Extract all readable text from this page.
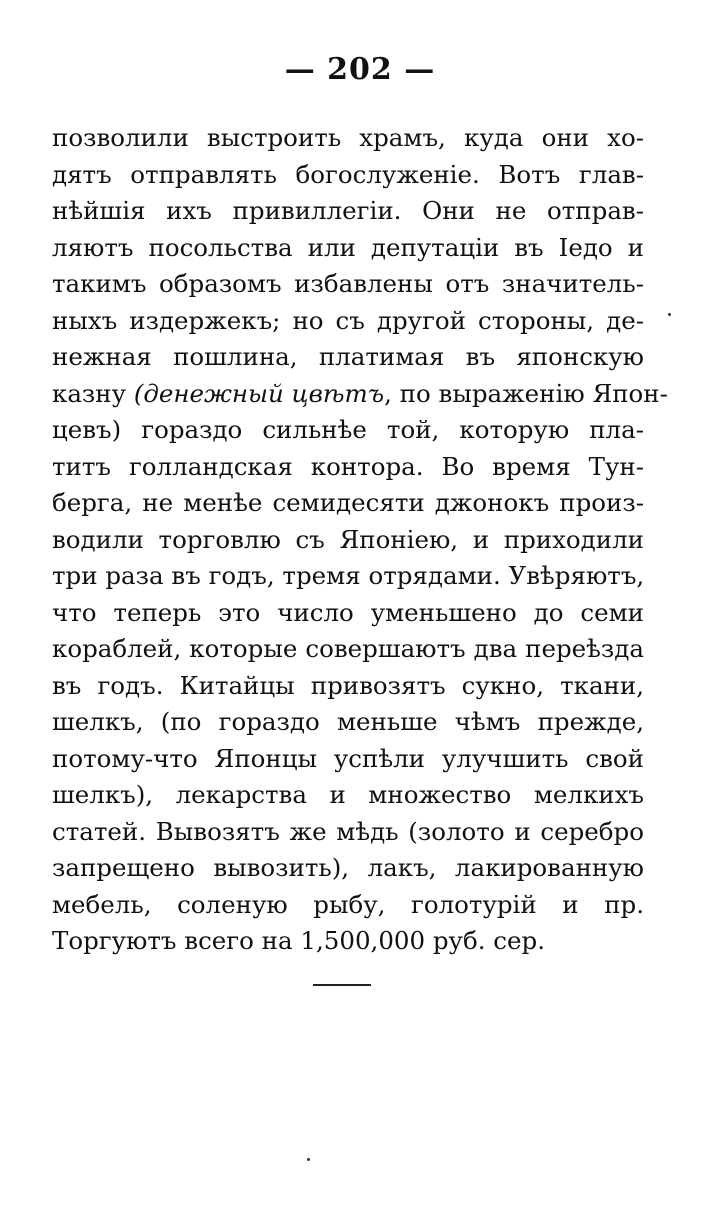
— 202 —
позволили выстроить храмъ, куда они хо-
дятъ отправлять богослуженiе. Вотъ глав-
нѣйшiя ихъ привиллегiи. Они не отправ-
ляютъ посольства или депутацiи въ Iедо и
такимъ образомъ избавлены отъ значитель-
ныхъ издержекъ; но съ другой стороны, де-
нежная пошлина, платимая въ японскую
казну (денежный цвѣтъ, по выраженiю Япон-
цевъ) гораздо сильнѣе той, которую пла-
титъ голландская контора. Во время Тун-
берга, не менѣе семидесяти джонокъ произ-
водили торговлю съ Японiею, и приходили
три раза въ годъ, тремя отрядами. Увѣряютъ,
что теперь это число уменьшено до семи
кораблей, которые совершаютъ два переѣзда
въ годъ. Китайцы привозятъ сукно, ткани,
шелкъ, (по гораздо меньше чѣмъ прежде,
потому-что Японцы успѣли улучшить свой
шелкъ), лекарства и множество мелкихъ
статей. Вывозятъ же мѣдь (золото и серебро
запрещено вывозить), лакъ, лакированную
мебель, соленую рыбу, голотурiй и пр.
Торгуютъ всего на 1,500,000 руб. сер.
